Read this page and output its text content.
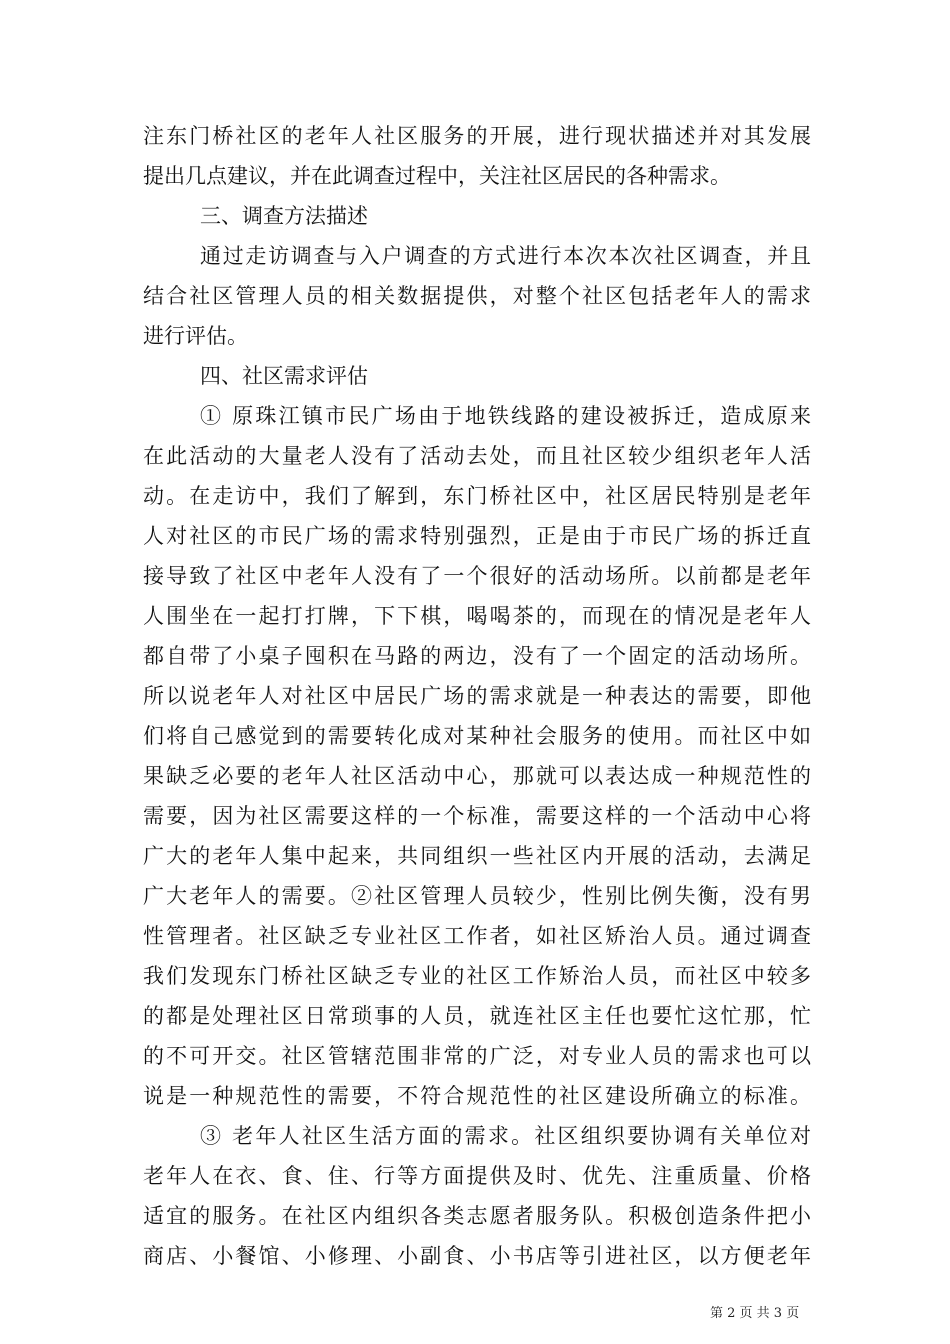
注东门桥社区的老年人社区服务的开展，进行现状描述并对其发展
提出几点建议，并在此调查过程中，关注社区居民的各种需求。
三、调查方法描述
通过走访调查与入户调查的方式进行本次本次社区调查，并且
结合社区管理人员的相关数据提供，对整个社区包括老年人的需求
进行评估。
四、社区需求评估
① 原珠江镇市民广场由于地铁线路的建设被拆迁，造成原来
在此活动的大量老人没有了活动去处，而且社区较少组织老年人活
动。在走访中，我们了解到，东门桥社区中，社区居民特别是老年
人对社区的市民广场的需求特别强烈，正是由于市民广场的拆迁直
接导致了社区中老年人没有了一个很好的活动场所。以前都是老年
人围坐在一起打打牌，下下棋，喝喝茶的，而现在的情况是老年人
都自带了小桌子囤积在马路的两边，没有了一个固定的活动场所。
所以说老年人对社区中居民广场的需求就是一种表达的需要，即他
们将自己感觉到的需要转化成对某种社会服务的使用。而社区中如
果缺乏必要的老年人社区活动中心，那就可以表达成一种规范性的
需要，因为社区需要这样的一个标准，需要这样的一个活动中心将
广大的老年人集中起来，共同组织一些社区内开展的活动，去满足
广大老年人的需要。②社区管理人员较少，性别比例失衡，没有男
性管理者。社区缺乏专业社区工作者，如社区矫治人员。通过调查
我们发现东门桥社区缺乏专业的社区工作矫治人员，而社区中较多
的都是处理社区日常琐事的人员，就连社区主任也要忙这忙那，忙
的不可开交。社区管辖范围非常的广泛，对专业人员的需求也可以
说是一种规范性的需要，不符合规范性的社区建设所确立的标准。
③ 老年人社区生活方面的需求。社区组织要协调有关单位对
老年人在衣、食、住、行等方面提供及时、优先、注重质量、价格
适宜的服务。在社区内组织各类志愿者服务队。积极创造条件把小
商店、小餐馆、小修理、小副食、小书店等引进社区，以方便老年
第 2 页 共 3 页
